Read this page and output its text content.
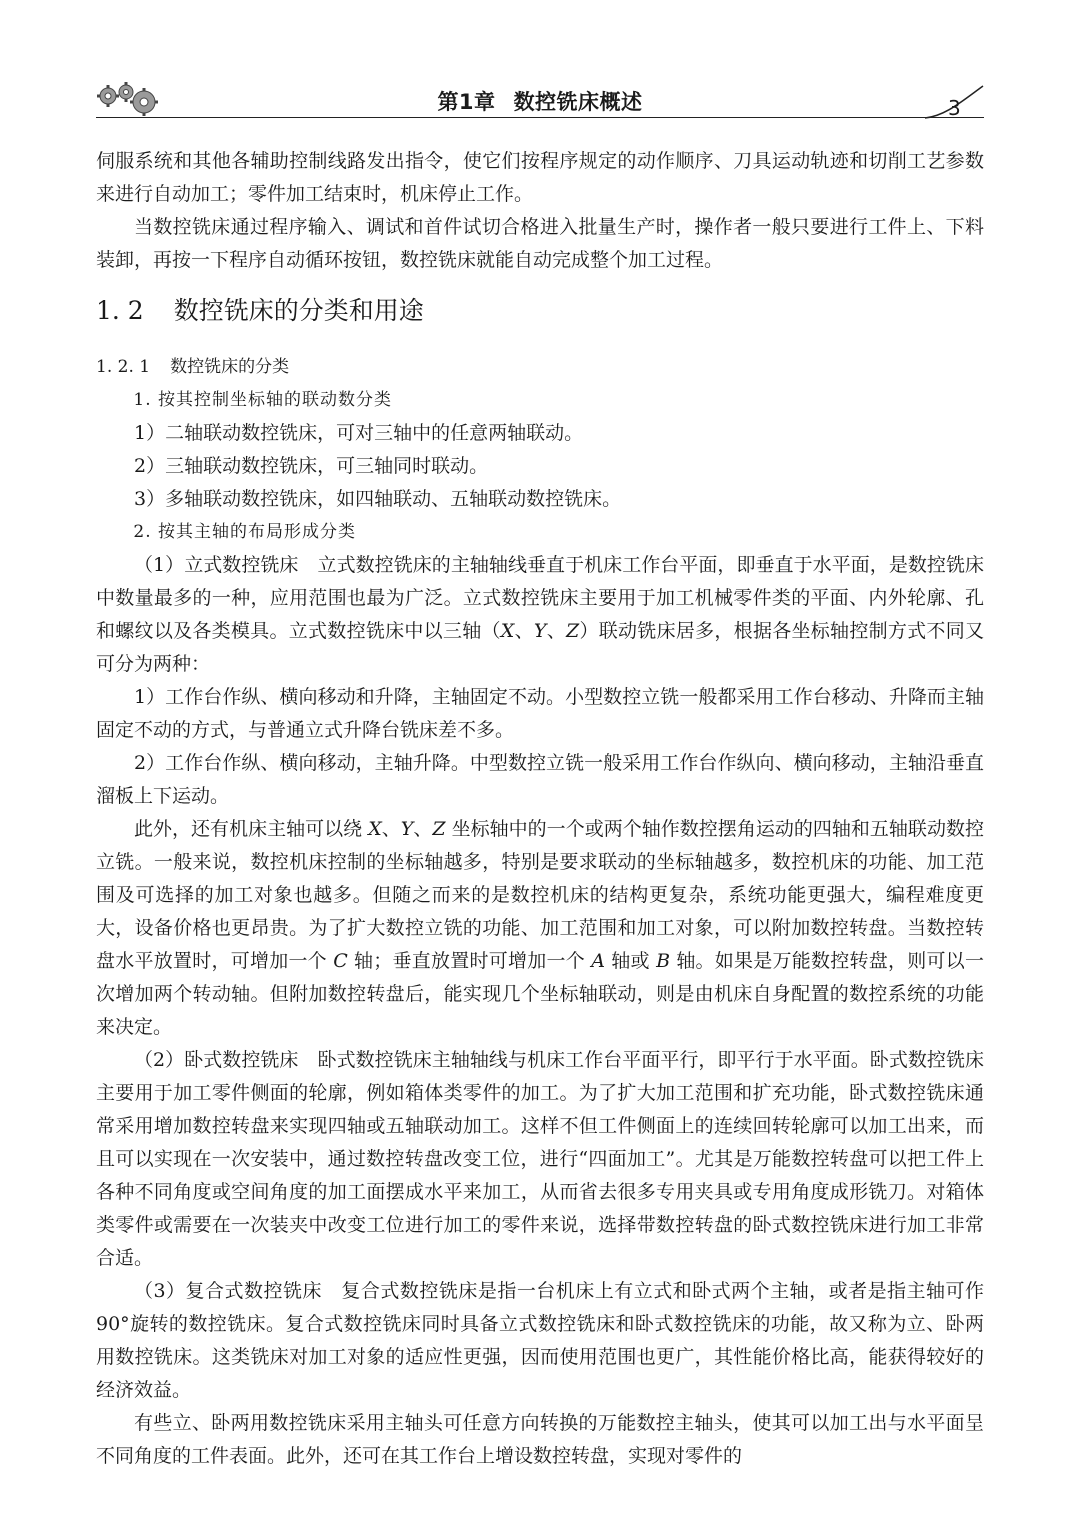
第1章 数控铣床概述	3

伺服系统和其他各辅助控制线路发出指令，使它们按程序规定的动作顺序、刀具运动轨迹和切削工艺参数来进行自动加工；零件加工结束时，机床停止工作。

当数控铣床通过程序输入、调试和首件试切合格进入批量生产时，操作者一般只要进行工件上、下料装卸，再按一下程序自动循环按钮，数控铣床就能自动完成整个加工过程。

1. 2 数控铣床的分类和用途
1. 2. 1 数控铣床的分类
1. 按其控制坐标轴的联动数分类

1）二轴联动数控铣床，可对三轴中的任意两轴联动。

2）三轴联动数控铣床，可三轴同时联动。

3）多轴联动数控铣床，如四轴联动、五轴联动数控铣床。

2. 按其主轴的布局形成分类

（1）立式数控铣床　立式数控铣床的主轴轴线垂直于机床工作台平面，即垂直于水平面，是数控铣床中数量最多的一种，应用范围也最为广泛。立式数控铣床主要用于加工机械零件类的平面、内外轮廓、孔和螺纹以及各类模具。立式数控铣床中以三轴（X、Y、Z）联动铣床居多，根据各坐标轴控制方式不同又可分为两种：

1）工作台作纵、横向移动和升降，主轴固定不动。小型数控立铣一般都采用工作台移动、升降而主轴固定不动的方式，与普通立式升降台铣床差不多。

2）工作台作纵、横向移动，主轴升降。中型数控立铣一般采用工作台作纵向、横向移动，主轴沿垂直溜板上下运动。

此外，还有机床主轴可以绕 X、Y、Z 坐标轴中的一个或两个轴作数控摆角运动的四轴和五轴联动数控立铣。一般来说，数控机床控制的坐标轴越多，特别是要求联动的坐标轴越多，数控机床的功能、加工范围及可选择的加工对象也越多。但随之而来的是数控机床的结构更复杂，系统功能更强大，编程难度更大，设备价格也更昂贵。为了扩大数控立铣的功能、加工范围和加工对象，可以附加数控转盘。当数控转盘水平放置时，可增加一个 C 轴；垂直放置时可增加一个 A 轴或 B 轴。如果是万能数控转盘，则可以一次增加两个转动轴。但附加数控转盘后，能实现几个坐标轴联动，则是由机床自身配置的数控系统的功能来决定。

（2）卧式数控铣床　卧式数控铣床主轴轴线与机床工作台平面平行，即平行于水平面。卧式数控铣床主要用于加工零件侧面的轮廓，例如箱体类零件的加工。为了扩大加工范围和扩充功能，卧式数控铣床通常采用增加数控转盘来实现四轴或五轴联动加工。这样不但工件侧面上的连续回转轮廓可以加工出来，而且可以实现在一次安装中，通过数控转盘改变工位，进行“四面加工”。尤其是万能数控转盘可以把工件上各种不同角度或空间角度的加工面摆成水平来加工，从而省去很多专用夹具或专用角度成形铣刀。对箱体类零件或需要在一次装夹中改变工位进行加工的零件来说，选择带数控转盘的卧式数控铣床进行加工非常合适。

（3）复合式数控铣床　复合式数控铣床是指一台机床上有立式和卧式两个主轴，或者是指主轴可作 90°旋转的数控铣床。复合式数控铣床同时具备立式数控铣床和卧式数控铣床的功能，故又称为立、卧两用数控铣床。这类铣床对加工对象的适应性更强，因而使用范围也更广，其性能价格比高，能获得较好的经济效益。

有些立、卧两用数控铣床采用主轴头可任意方向转换的万能数控主轴头，使其可以加工出与水平面呈不同角度的工件表面。此外，还可在其工作台上增设数控转盘，实现对零件的
